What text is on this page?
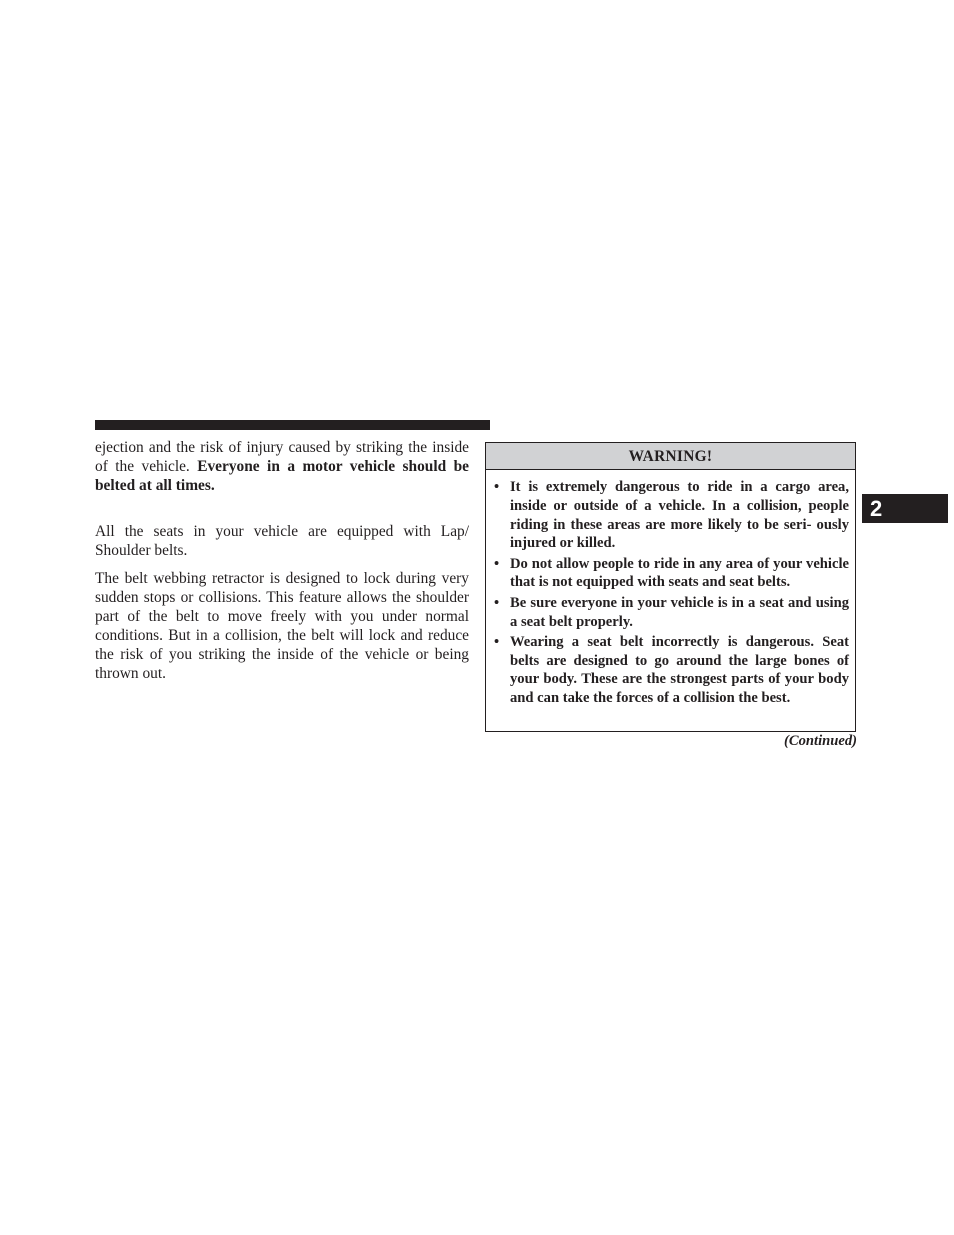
ejection and the risk of injury caused by striking the inside of the vehicle. Everyone in a motor vehicle should be belted at all times.

All the seats in your vehicle are equipped with Lap/ Shoulder belts.

The belt webbing retractor is designed to lock during very sudden stops or collisions. This feature allows the shoulder part of the belt to move freely with you under normal conditions. But in a collision, the belt will lock and reduce the risk of you striking the inside of the vehicle or being thrown out.

WARNING!
• It is extremely dangerous to ride in a cargo area, inside or outside of a vehicle. In a collision, people riding in these areas are more likely to be seri- ously injured or killed.
• Do not allow people to ride in any area of your vehicle that is not equipped with seats and seat belts.
• Be sure everyone in your vehicle is in a seat and using a seat belt properly.
• Wearing a seat belt incorrectly is dangerous. Seat belts are designed to go around the large bones of your body. These are the strongest parts of your body and can take the forces of a collision the best.
(Continued)
2
